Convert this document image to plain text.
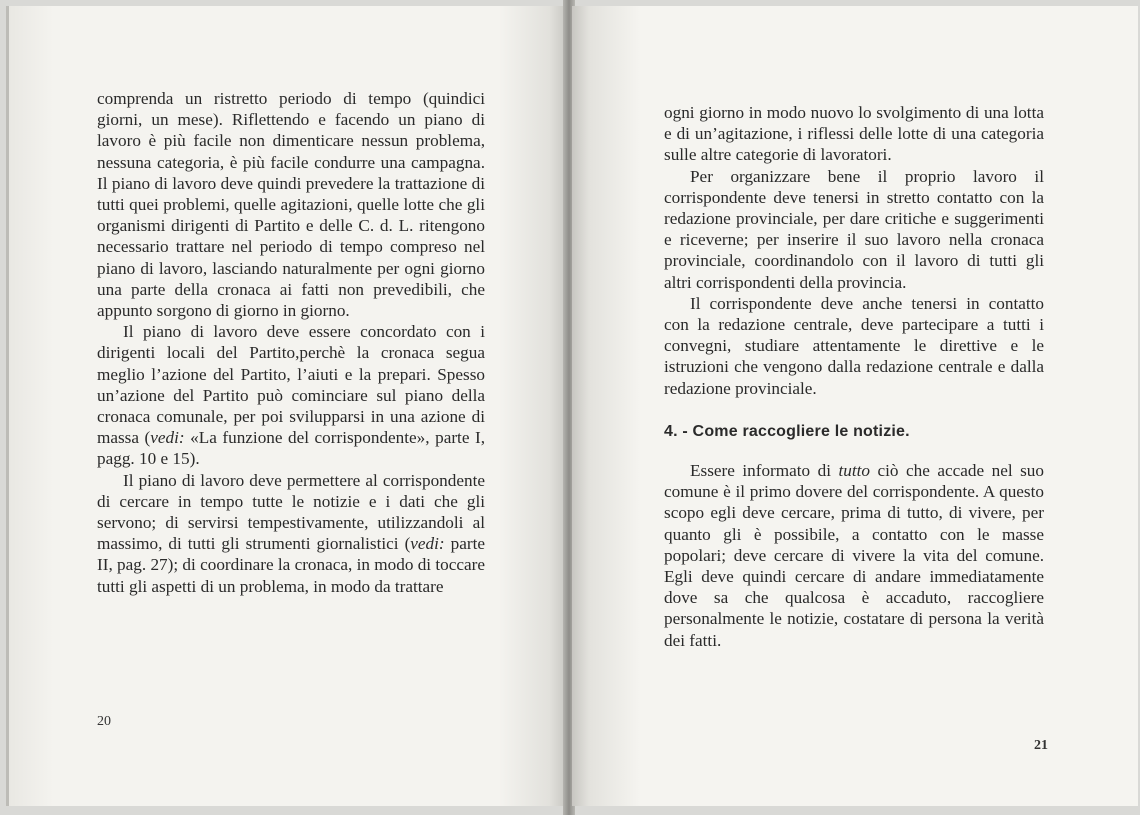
comprenda un ristretto periodo di tempo (quindici giorni, un mese). Riflettendo e facendo un piano di lavoro è più facile non dimenticare nessun problema, nessuna categoria, è più facile condurre una campagna. Il piano di lavoro deve quindi prevedere la trattazione di tutti quei problemi, quelle agitazioni, quelle lotte che gli organismi dirigenti di Partito e delle C. d. L. ritengono necessario trattare nel periodo di tempo compreso nel piano di lavoro, lasciando naturalmente per ogni giorno una parte della cronaca ai fatti non prevedibili, che appunto sorgono di giorno in giorno.

Il piano di lavoro deve essere concordato con i dirigenti locali del Partito,perchè la cronaca segua meglio l’azione del Partito, l’aiuti e la prepari. Spesso un’azione del Partito può cominciare sul piano della cronaca comunale, per poi svilupparsi in una azione di massa (vedi: «La funzione del corrispondente», parte I, pagg. 10 e 15).

Il piano di lavoro deve permettere al corrispondente di cercare in tempo tutte le notizie e i dati che gli servono; di servirsi tempestivamente, utilizzandoli al massimo, di tutti gli strumenti giornalistici (vedi: parte II, pag. 27); di coordinare la cronaca, in modo di toccare tutti gli aspetti di un problema, in modo da trattare

20

ogni giorno in modo nuovo lo svolgimento di una lotta e di un’agitazione, i riflessi delle lotte di una categoria sulle altre categorie di lavoratori.

Per organizzare bene il proprio lavoro il corrispondente deve tenersi in stretto contatto con la redazione provinciale, per dare critiche e suggerimenti e riceverne; per inserire il suo lavoro nella cronaca provinciale, coordinandolo con il lavoro di tutti gli altri corrispondenti della provincia.

Il corrispondente deve anche tenersi in contatto con la redazione centrale, deve partecipare a tutti i convegni, studiare attentamente le direttive e le istruzioni che vengono dalla redazione centrale e dalla redazione provinciale.

4. - Come raccogliere le notizie.

Essere informato di tutto ciò che accade nel suo comune è il primo dovere del corrispondente. A questo scopo egli deve cercare, prima di tutto, di vivere, per quanto gli è possibile, a contatto con le masse popolari; deve cercare di vivere la vita del comune. Egli deve quindi cercare di andare immediatamente dove sa che qualcosa è accaduto, raccogliere personalmente le notizie, costatare di persona la verità dei fatti.

21
